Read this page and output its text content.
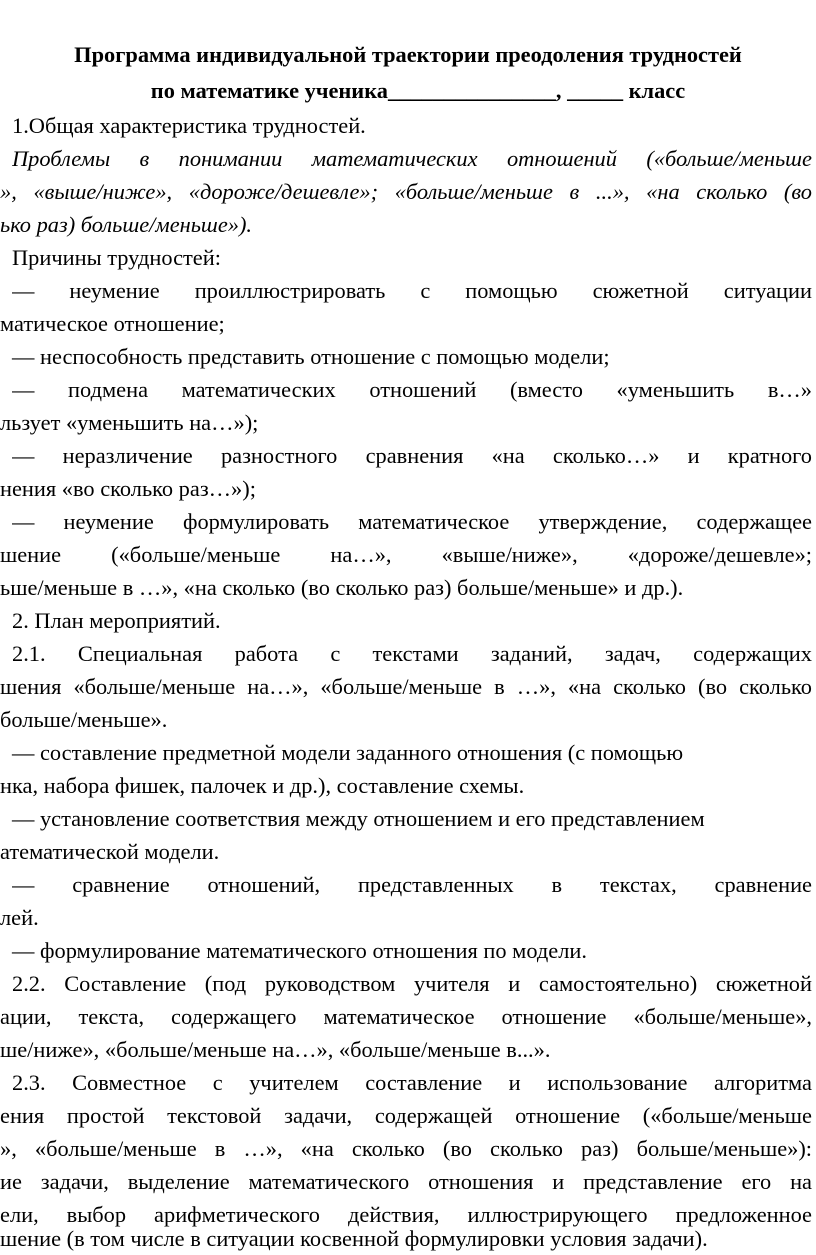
Программа индивидуальной траектории преодоления трудностей
по математике ученика_______________, _____ класс
1.Общая характеристика трудностей.
Проблемы в понимании математических отношений («больше/меньше
», «выше/ниже», «дороже/дешевле»; «больше/меньше в ...», «на сколько (во
ько раз) больше/меньше»).
Причины трудностей:
— неумение проиллюстрировать с помощью сюжетной ситуации
матическое отношение;
— неспособность представить отношение с помощью модели;
— подмена математических отношений (вместо «уменьшить в…»
льзует «уменьшить на…»);
— неразличение разностного сравнения «на сколько…» и кратного
нения «во сколько раз…»);
— неумение формулировать математическое утверждение, содержащее
шение («больше/меньше на…», «выше/ниже», «дороже/дешевле»;
ьше/меньше в …», «на сколько (во сколько раз) больше/меньше» и др.).
2. План мероприятий.
2.1. Специальная работа с текстами заданий, задач, содержащих
шения «больше/меньше на…», «больше/меньше в …», «на сколько (во сколько
больше/меньше».
— составление предметной модели заданного отношения (с помощью
нка, набора фишек, палочек и др.), составление схемы.
— установление соответствия между отношением и его представлением
атематической модели.
— сравнение отношений, представленных в текстах, сравнение
лей.
— формулирование математического отношения по модели.
2.2. Составление (под руководством учителя и самостоятельно) сюжетной
ации, текста, содержащего математическое отношение «больше/меньше»,
ше/ниже», «больше/меньше на…», «больше/меньше в...».
2.3. Совместное с учителем составление и использование алгоритма
ения простой текстовой задачи, содержащей отношение («больше/меньше
», «больше/меньше в …», «на сколько (во сколько раз) больше/меньше»):
ие задачи, выделение математического отношения и представление его на
ели, выбор арифметического действия, иллюстрирующего предложенное
шение (в том числе в ситуации косвенной формулировки условия задачи).
